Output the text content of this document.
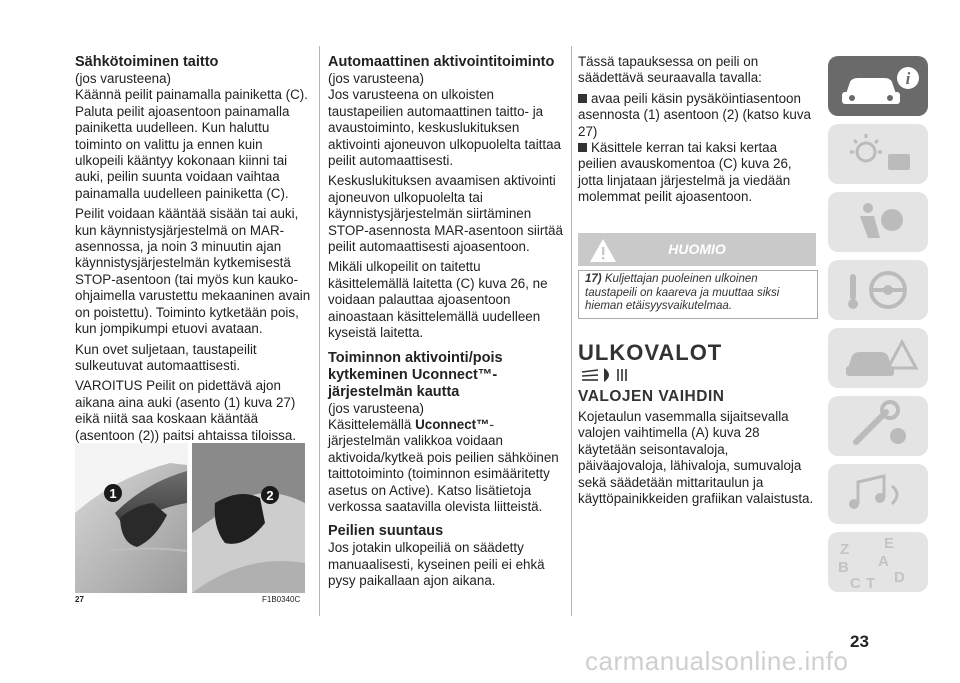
Sähkötoiminen taitto
(jos varusteena)

Käännä peilit painamalla painiketta (C). Paluta peilit ajoasentoon painamalla painiketta uudelleen. Kun haluttu toiminto on valittu ja ennen kuin ulkopeili kääntyy kokonaan kiinni tai auki, peilin suunta voidaan vaihtaa painamalla uudelleen painiketta (C).

Peilit voidaan kääntää sisään tai auki, kun käynnistysjärjestelmä on MAR-asennossa, ja noin 3 minuutin ajan käynnistysjärjestelmän kytkemisestä STOP-asentoon (tai myös kun kauko-ohjaimella varustettu mekaaninen avain on poistettu). Toiminto kytketään pois, kun jompikumpi etuovi avataan.

Kun ovet suljetaan, taustapeilit sulkeutuvat automaattisesti.

VAROITUS Peilit on pidettävä ajon aikana aina auki (asento (1) kuva 27) eikä niitä saa koskaan kääntää (asentoon (2)) paitsi ahtaissa tiloissa.

1	2
27	F1B0340C
Automaattinen aktivointitoiminto
(jos varusteena)

Jos varusteena on ulkoisten taustapeilien automaattinen taitto- ja avaustoiminto, keskuslukituksen aktivointi ajoneuvon ulkopuolelta taittaa peilit automaattisesti.

Keskuslukituksen avaamisen aktivointi ajoneuvon ulkopuolelta tai käynnistysjärjestelmän siirtäminen STOP-asennosta MAR-asentoon siirtää peilit automaattisesti ajoasentoon.

Mikäli ulkopeilit on taitettu käsittelemällä laitetta (C) kuva 26, ne voidaan palauttaa ajoasentoon ainoastaan käsittelemällä uudelleen kyseistä laitetta.

Toiminnon aktivointi/pois kytkeminen Uconnect™-järjestelmän kautta
(jos varusteena)

Käsittelemällä Uconnect™-järjestelmän valikkoa voidaan aktivoida/kytkeä pois peilien sähköinen taittotoiminto (toiminnon esimääritetty asetus on Active). Katso lisätietoja verkossa saatavilla olevista liitteistä.

Peilien suuntaus

Jos jotakin ulkopeiliä on säädetty manuaalisesti, kyseinen peili ei ehkä pysy paikallaan ajon aikana.

Tässä tapauksessa on peili on säädettävä seuraavalla tavalla:

avaa peili käsin pysäköintiasentoon asennosta (1) asentoon (2) (katso kuva 27)

Käsittele kerran tai kaksi kertaa peilien avauskomentoa (C) kuva 26, jotta linjataan järjestelmä ja viedään molemmat peilit ajoasentoon.

HUOMIO
17) Kuljettajan puoleinen ulkoinen taustapeili on kaareva ja muuttaa siksi hieman etäisyysvaikutelmaa.
ULKOVALOT
VALOJEN VAIHDIN
Kojetaulun vasemmalla sijaitsevalla valojen vaihtimella (A) kuva 28 käytetään seisontavaloja, päiväajovaloja, lähivaloja, sumuvaloja sekä säädetään mittaritaulun ja käyttöpainikkeiden grafiikan valaistusta.
i
Z E
B A
C T D
23
carmanualsonline.info
